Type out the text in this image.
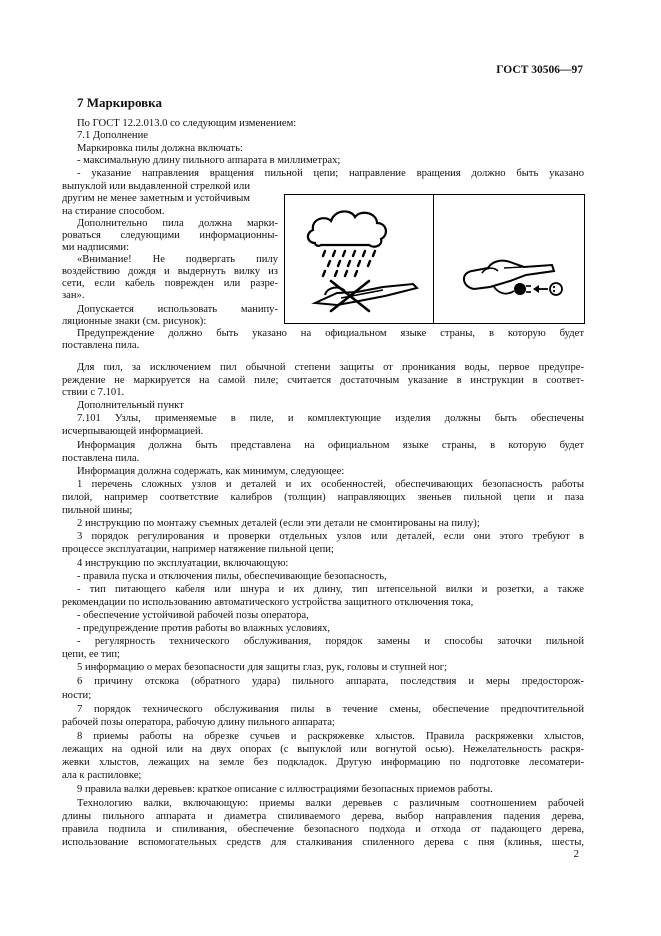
ГОСТ 30506—97
7 Маркировка
По ГОСТ 12.2.013.0 со следующим изменением:
7.1 Дополнение
Маркировка пилы должна включать:
- максимальную длину пильного аппарата в миллиметрах;
- указание направления вращения пильной цепи; направление вращения должно быть указано
выпуклой или выдавленной стрелкой или
другим не менее заметным и устойчивым
на стирание способом.
Дополнительно пила должна марки-
роваться следующими информационны-
ми надписями:
«Внимание! Не подвергать пилу
воздействию дождя и выдернуть вилку из
сети, если кабель поврежден или разре-
зан».
Допускается использовать манипу-
ляционные знаки (см. рисунок):
Предупреждение должно быть указано на официальном языке страны, в которую будет
поставлена пила.
Для пил, за исключением пил обычной степени защиты от проникания воды, первое предупре-
реждение не маркируется на самой пиле; считается достаточным указание в инструкции в соответ-
ствии с 7.101.
Дополнительный пункт
7.101 Узлы, применяемые в пиле, и комплектующие изделия должны быть обеспечены
исчерпывающей информацией.
Информация должна быть представлена на официальном языке страны, в которую будет
поставлена пила.
Информация должна содержать, как минимум, следующее:
1 перечень сложных узлов и деталей и их особенностей, обеспечивающих безопасность работы
пилой, например соответствие калибров (толщин) направляющих звеньев пильной цепи и паза
пильной шины;
2 инструкцию по монтажу съемных деталей (если эти детали не смонтированы на пилу);
3 порядок регулирования и проверки отдельных узлов или деталей, если они этого требуют в
процессе эксплуатации, например натяжение пильной цепи;
4 инструкцию по эксплуатации, включающую:
- правила пуска и отключения пилы, обеспечивающие безопасность,
- тип питающего кабеля или шнура и их длину, тип штепсельной вилки и розетки, а также
рекомендации по использованию автоматического устройства защитного отключения тока,
- обеспечение устойчивой рабочей позы оператора,
- предупреждение против работы во влажных условиях,
- регулярность технического обслуживания, порядок замены и способы заточки пильной
цепи, ее тип;
5 информацию о мерах безопасности для защиты глаз, рук, головы и ступней ног;
6 причину отскока (обратного удара) пильного аппарата, последствия и меры предосторож-
ности;
7 порядок технического обслуживания пилы в течение смены, обеспечение предпочтительной
рабочей позы оператора, рабочую длину пильного аппарата;
8 приемы работы на обрезке сучьев и раскряжевке хлыстов. Правила раскряжевки хлыстов,
лежащих на одной или на двух опорах (с выпуклой или вогнутой осью). Нежелательность раскря-
жевки хлыстов, лежащих на земле без подкладок. Другую информацию по подготовке лесоматери-
ала к распиловке;
9 правила валки деревьев: краткое описание с иллюстрациями безопасных приемов работы.
Технологию валки, включающую: приемы валки деревьев с различным соотношением рабочей
длины пильного аппарата и диаметра спиливаемого дерева, выбор направления падения дерева,
правила подпила и спиливания, обеспечение безопасного подхода и отхода от падающего дерева,
использование вспомогательных средств для сталкивания спиленного дерева с пня (клинья, шесты,
2
